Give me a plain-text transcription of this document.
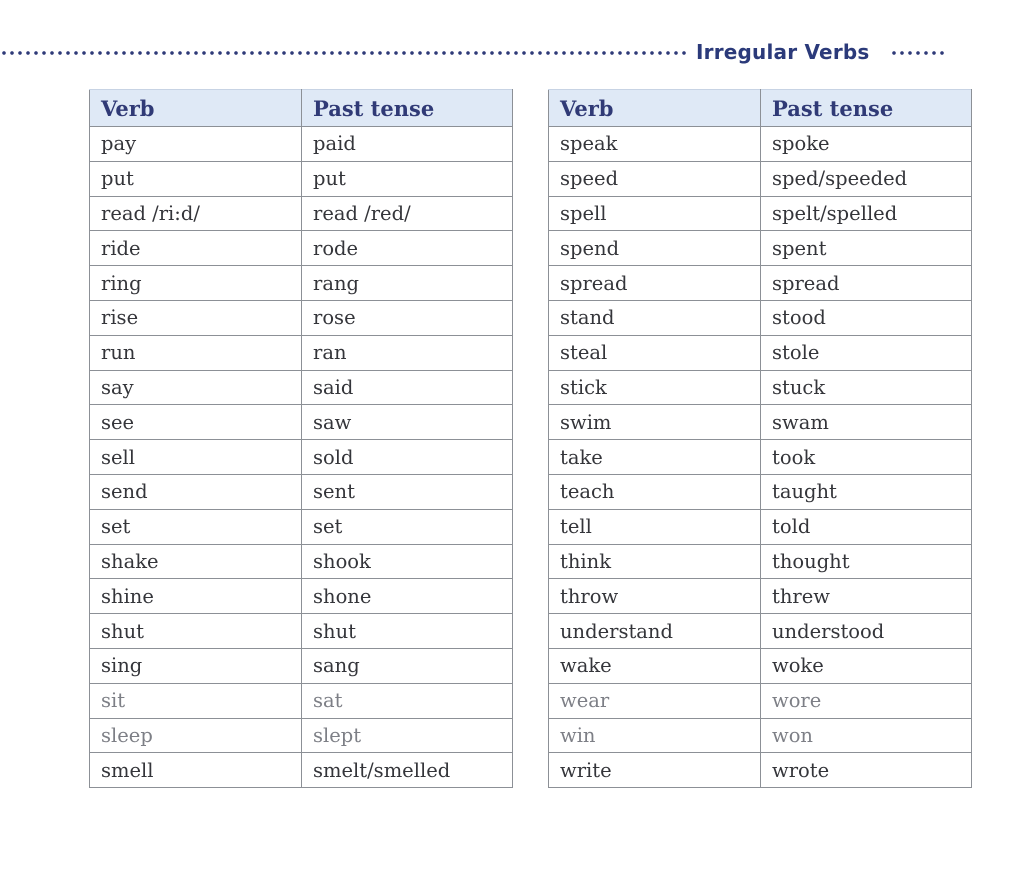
Irregular Verbs
Verb	Past tense
pay	paid
put	put
read /ri:d/	read /red/
ride	rode
ring	rang
rise	rose
run	ran
say	said
see	saw
sell	sold
send	sent
set	set
shake	shook
shine	shone
shut	shut
sing	sang
sit	sat
sleep	slept
smell	smelt/smelled
Verb	Past tense
speak	spoke
speed	sped/speeded
spell	spelt/spelled
spend	spent
spread	spread
stand	stood
steal	stole
stick	stuck
swim	swam
take	took
teach	taught
tell	told
think	thought
throw	threw
understand	understood
wake	woke
wear	wore
win	won
write	wrote
